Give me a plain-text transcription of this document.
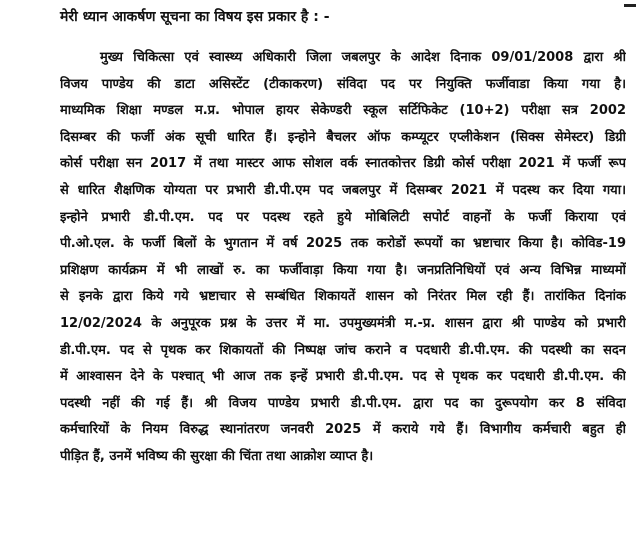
मेरी ध्यान आकर्षण सूचना का विषय इस प्रकार है : -
मुख्य चिकित्सा एवं स्वास्थ्य अधिकारी जिला जबलपुर के आदेश दिनाक 09/01/2008 द्वारा श्री
विजय पाण्डेय की डाटा असिस्टेंट (टीकाकरण) संविदा पद पर नियुक्ति फर्जीवाडा किया गया है।
माध्यमिक शिक्षा मण्डल म.प्र. भोपाल हायर सेकेण्डरी स्कूल सर्टिफिकेट (10+2) परीक्षा सत्र 2002
दिसम्बर की फर्जी अंक सूची धारित हैं। इन्होने बैचलर ऑफ कम्प्यूटर एप्लीकेशन (सिक्स सेमेस्टर) डिग्री
कोर्स परीक्षा सन 2017 में तथा मास्टर आफ सोशल वर्क स्नातकोत्तर डिग्री कोर्स परीक्षा 2021 में फर्जी रूप
से धारित शैक्षणिक योग्यता पर प्रभारी डी.पी.एम पद जबलपुर में दिसम्बर 2021 में पदस्थ कर दिया गया।
इन्होने प्रभारी डी.पी.एम. पद पर पदस्थ रहते हुये मोबिलिटी सपोर्ट वाहनों के फर्जी किराया एवं
पी.ओ.एल. के फर्जी बिलों के भुगतान में वर्ष 2025 तक करोडों रूपयों का भ्रष्टाचार किया है। कोविड-19
प्रशिक्षण कार्यक्रम में भी लाखों रु. का फर्जीवाड़ा किया गया है। जनप्रतिनिधियों एवं अन्य विभिन्न माध्यमों
से इनके द्वारा किये गये भ्रष्टाचार से सम्बंधित शिकायतें शासन को निरंतर मिल रही हैं। तारांकित दिनांक
12/02/2024 के अनुपूरक प्रश्न के उत्तर में मा. उपमुख्यमंत्री म.-प्र. शासन द्वारा श्री पाण्डेय को प्रभारी
डी.पी.एम. पद से पृथक कर शिकायतों की निष्पक्ष जांच कराने व पदधारी डी.पी.एम. की पदस्थी का सदन
में आश्वासन देने के पश्चात् भी आज तक इन्हें प्रभारी डी.पी.एम. पद से पृथक कर पदधारी डी.पी.एम. की
पदस्थी नहीं की गई हैं। श्री विजय पाण्डेय प्रभारी डी.पी.एम. द्वारा पद का दुरूपयोग कर 8 संविदा
कर्मचारियों के नियम विरुद्ध स्थानांतरण जनवरी 2025 में कराये गये हैं। विभागीय कर्मचारी बहुत ही
पीड़ित हैं, उनमें भविष्य की सुरक्षा की चिंता तथा आक्रोश व्याप्त है।
